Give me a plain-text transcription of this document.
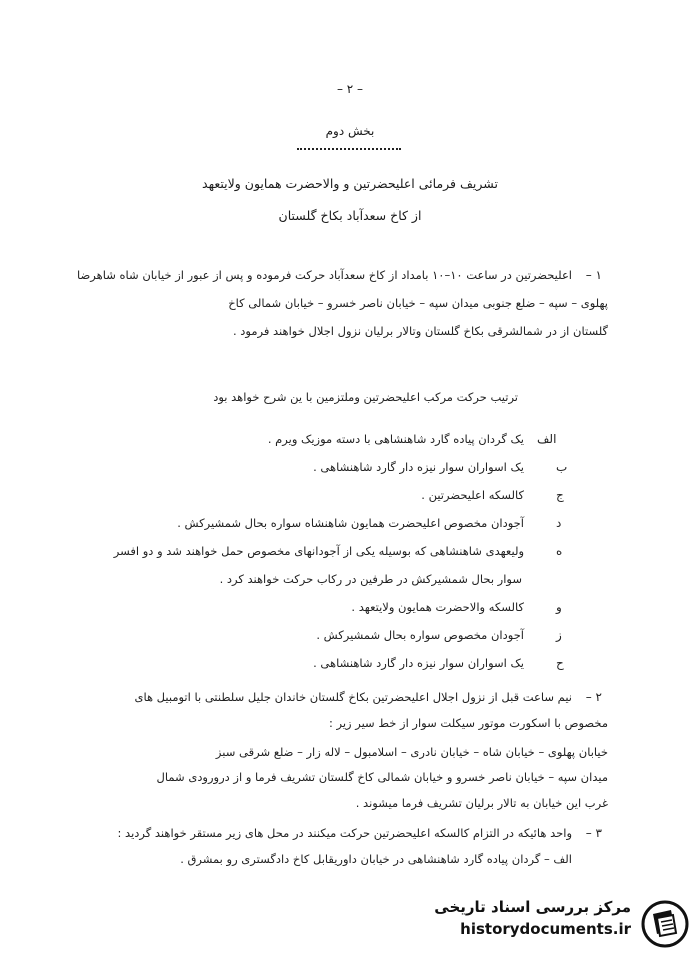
– ۲ –
بخش دوم
تشریف فرمائی اعلیحضرتین و والاحضرت همایون ولایتعهد
از کاخ سعدآباد بکاخ گلستان
۱ –
اعلیحضرتین در ساعت ۱۰–۱۰ بامداد از کاخ سعدآباد حرکت فرموده و پس از عبور از خیابان شاه شاهرضا
پهلوی – سپه – ضلع جنوبی میدان سپه – خیابان ناصر خسرو – خیابان شمالی کاخ
گلستان از در شمالشرقی بکاخ گلستان وتالار برلیان نزول اجلال خواهند فرمود .
ترتیب حرکت مرکب اعلیحضرتین وملتزمین با ین شرح خواهد بود
الف
یک گردان پیاده گارد شاهنشاهی با دسته موزیک ویرم .
ب
یک اسواران سوار نیزه دار گارد شاهنشاهی .
ج
کالسکه اعلیحضرتین .
د
آجودان مخصوص اعلیحضرت همایون شاهنشاه سواره بحال شمشیرکش .
ه
ولیعهدی شاهنشاهی که بوسیله یکی از آجودانهای مخصوص حمل خواهند شد و دو افسر
سوار بحال شمشیرکش در طرفین در رکاب حرکت خواهند کرد .
و
کالسکه والاحضرت همایون ولایتعهد .
ز
آجودان مخصوص سواره بحال شمشیرکش .
ح
یک اسواران سوار نیزه دار گارد شاهنشاهی .
۲ –
نیم ساعت قبل از نزول اجلال اعلیحضرتین بکاخ گلستان خاندان جلیل سلطنتی با اتومبیل های
مخصوص با اسکورت موتور سیکلت سوار از خط سیر زیر :
خیابان پهلوی – خیابان شاه – خیابان نادری – اسلامبول – لاله زار – ضلع شرقی سبز
میدان سپه – خیابان ناصر خسرو و خیابان شمالی کاخ گلستان تشریف فرما و از درورودی شمال
غرب این خیابان به تالار برلیان تشریف فرما میشوند .
۳ –
واحد هائیکه در التزام کالسکه اعلیحضرتین حرکت میکنند در محل های زیر مستقر خواهند گردید :
الف – گردان پیاده گارد شاهنشاهی در خیابان داوریقابل کاخ دادگستری رو بمشرق .
مرکز بررسی اسناد تاریخی
historydocuments.ir
